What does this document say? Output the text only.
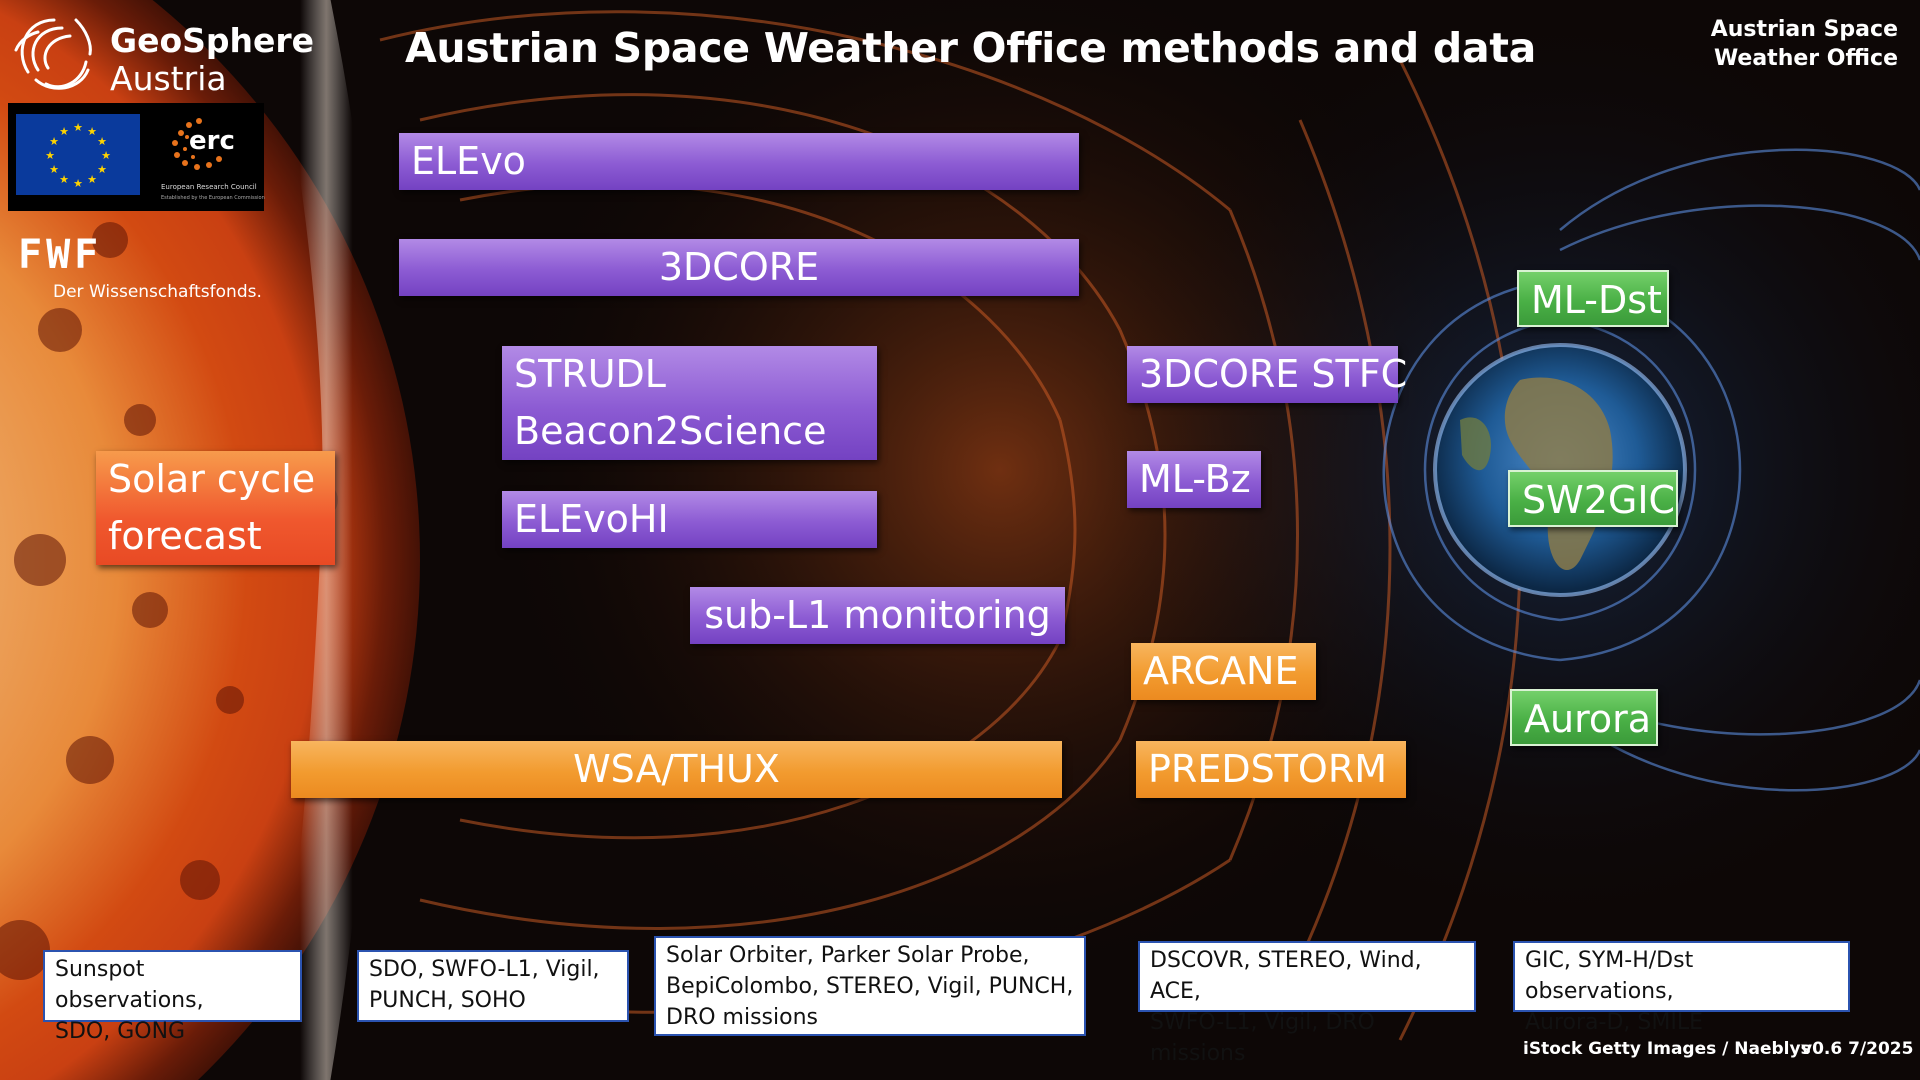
GeoSphere
Austria
★ ★
★
★
★
★
★
★
★
★
★
★	erc
European Research Council
Established by the European Commission
FWF
Der Wissenschaftsfonds.
Austrian Space Weather Office methods and data	Austrian Space
Weather Office
ELEvo
3DCORE
STRUDL
Beacon2Science
ELEvoHI
sub-L1 monitoring
Solar cycle
forecast
WSA/THUX
3DCORE STFC
ML-Bz
ARCANE
PREDSTORM
ML-Dst
SW2GIC
Aurora
Sunspot observations,
SDO, GONG
SDO, SWFO-L1, Vigil,
PUNCH, SOHO
Solar Orbiter, Parker Solar Probe,
BepiColombo, STEREO, Vigil, PUNCH,
DRO missions
DSCOVR, STEREO, Wind, ACE,
SWFO-L1, Vigil, DRO missions
GIC, SYM-H/Dst observations,
Aurora-D, SMILE
iStock Getty Images / Naeblys
v0.6 7/2025
